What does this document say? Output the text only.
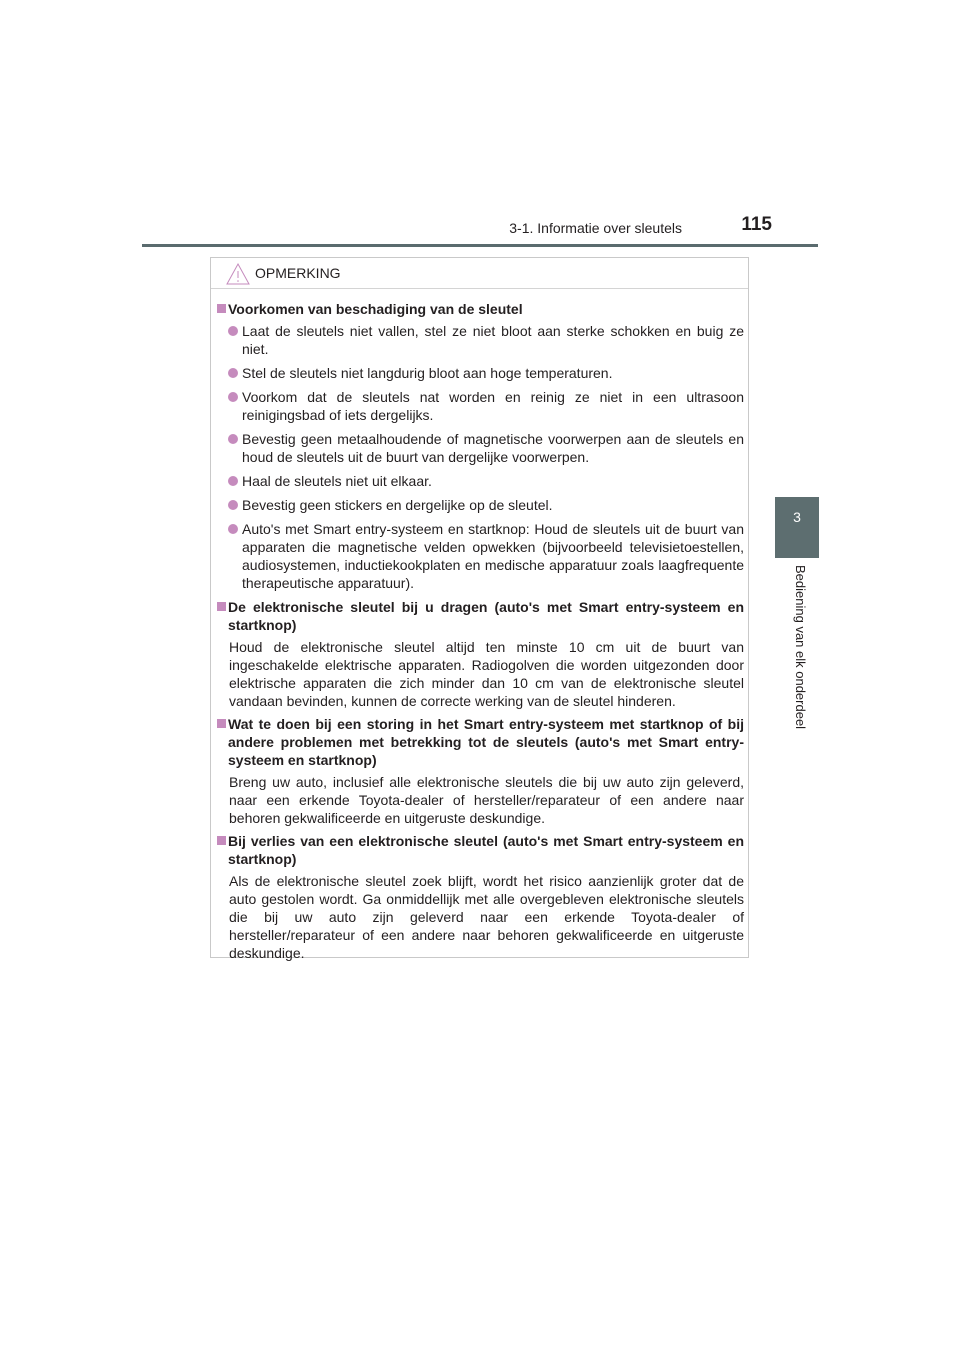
3-1. Informatie over sleutels	115
3
Bediening van elk onderdeel
OPMERKING
Voorkomen van beschadiging van de sleutel
Laat de sleutels niet vallen, stel ze niet bloot aan sterke schokken en buig ze niet.
Stel de sleutels niet langdurig bloot aan hoge temperaturen.
Voorkom dat de sleutels nat worden en reinig ze niet in een ultrasoon reinigingsbad of iets dergelijks.
Bevestig geen metaalhoudende of magnetische voorwerpen aan de sleutels en houd de sleutels uit de buurt van dergelijke voorwerpen.
Haal de sleutels niet uit elkaar.
Bevestig geen stickers en dergelijke op de sleutel.
Auto's met Smart entry-systeem en startknop: Houd de sleutels uit de buurt van apparaten die magnetische velden opwekken (bijvoorbeeld televisietoestellen, audiosystemen, inductiekookplaten en medische apparatuur zoals laagfrequente therapeutische apparatuur).
De elektronische sleutel bij u dragen (auto's met Smart entry-systeem en startknop)
Houd de elektronische sleutel altijd ten minste 10 cm uit de buurt van ingeschakelde elektrische apparaten. Radiogolven die worden uitgezonden door elektrische apparaten die zich minder dan 10 cm van de elektronische sleutel vandaan bevinden, kunnen de correcte werking van de sleutel hinderen.
Wat te doen bij een storing in het Smart entry-systeem met startknop of bij andere problemen met betrekking tot de sleutels (auto's met Smart entry-systeem en startknop)
Breng uw auto, inclusief alle elektronische sleutels die bij uw auto zijn geleverd, naar een erkende Toyota-dealer of hersteller/reparateur of een andere naar behoren gekwalificeerde en uitgeruste deskundige.
Bij verlies van een elektronische sleutel (auto's met Smart entry-systeem en startknop)
Als de elektronische sleutel zoek blijft, wordt het risico aanzienlijk groter dat de auto gestolen wordt. Ga onmiddellijk met alle overgebleven elektronische sleutels die bij uw auto zijn geleverd naar een erkende Toyota-dealer of hersteller/reparateur of een andere naar behoren gekwalificeerde en uitgeruste deskundige.
